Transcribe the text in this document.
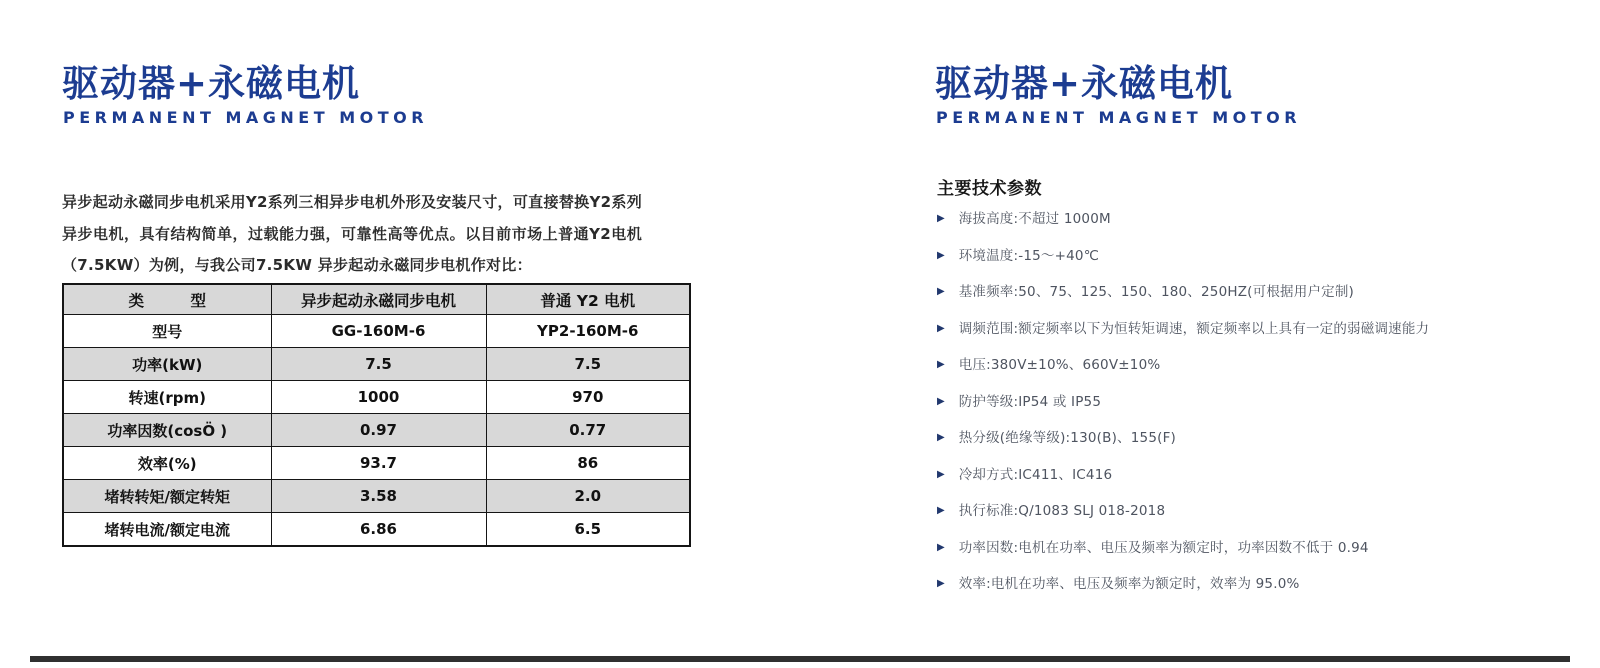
驱动器+永磁电机
PERMANENT MAGNET MOTOR

异步起动永磁同步电机采用Y2系列三相异步电机外形及安装尺寸，可直接替换Y2系列异步电机，具有结构简单，过载能力强，可靠性高等优点。以目前市场上普通Y2电机（7.5KW）为例，与我公司7.5KW 异步起动永磁同步电机作对比：

类　　　型	异步起动永磁同步电机	普通 Y2 电机
型号	GG-160M-6	YP2-160M-6
功率(kW)	7.5	7.5
转速(rpm)	1000	970
功率因数(cosÖ )	0.97	0.77
效率(%)	93.7	86
堵转转矩/额定转矩	3.58	2.0
堵转电流/额定电流	6.86	6.5
驱动器+永磁电机
PERMANENT MAGNET MOTOR
主要技术参数
▶ 海拔高度:不超过 1000M
▶ 环境温度:-15～+40℃
▶ 基准频率:50、75、125、150、180、250HZ(可根据用户定制)
▶ 调频范围:额定频率以下为恒转矩调速，额定频率以上具有一定的弱磁调速能力
▶ 电压:380V±10%、660V±10%
▶ 防护等级:IP54 或 IP55
▶ 热分级(绝缘等级):130(B)、155(F)
▶ 冷却方式:IC411、IC416
▶ 执行标准:Q/1083 SLJ 018-2018
▶ 功率因数:电机在功率、电压及频率为额定时，功率因数不低于 0.94
▶ 效率:电机在功率、电压及频率为额定时，效率为 95.0%
